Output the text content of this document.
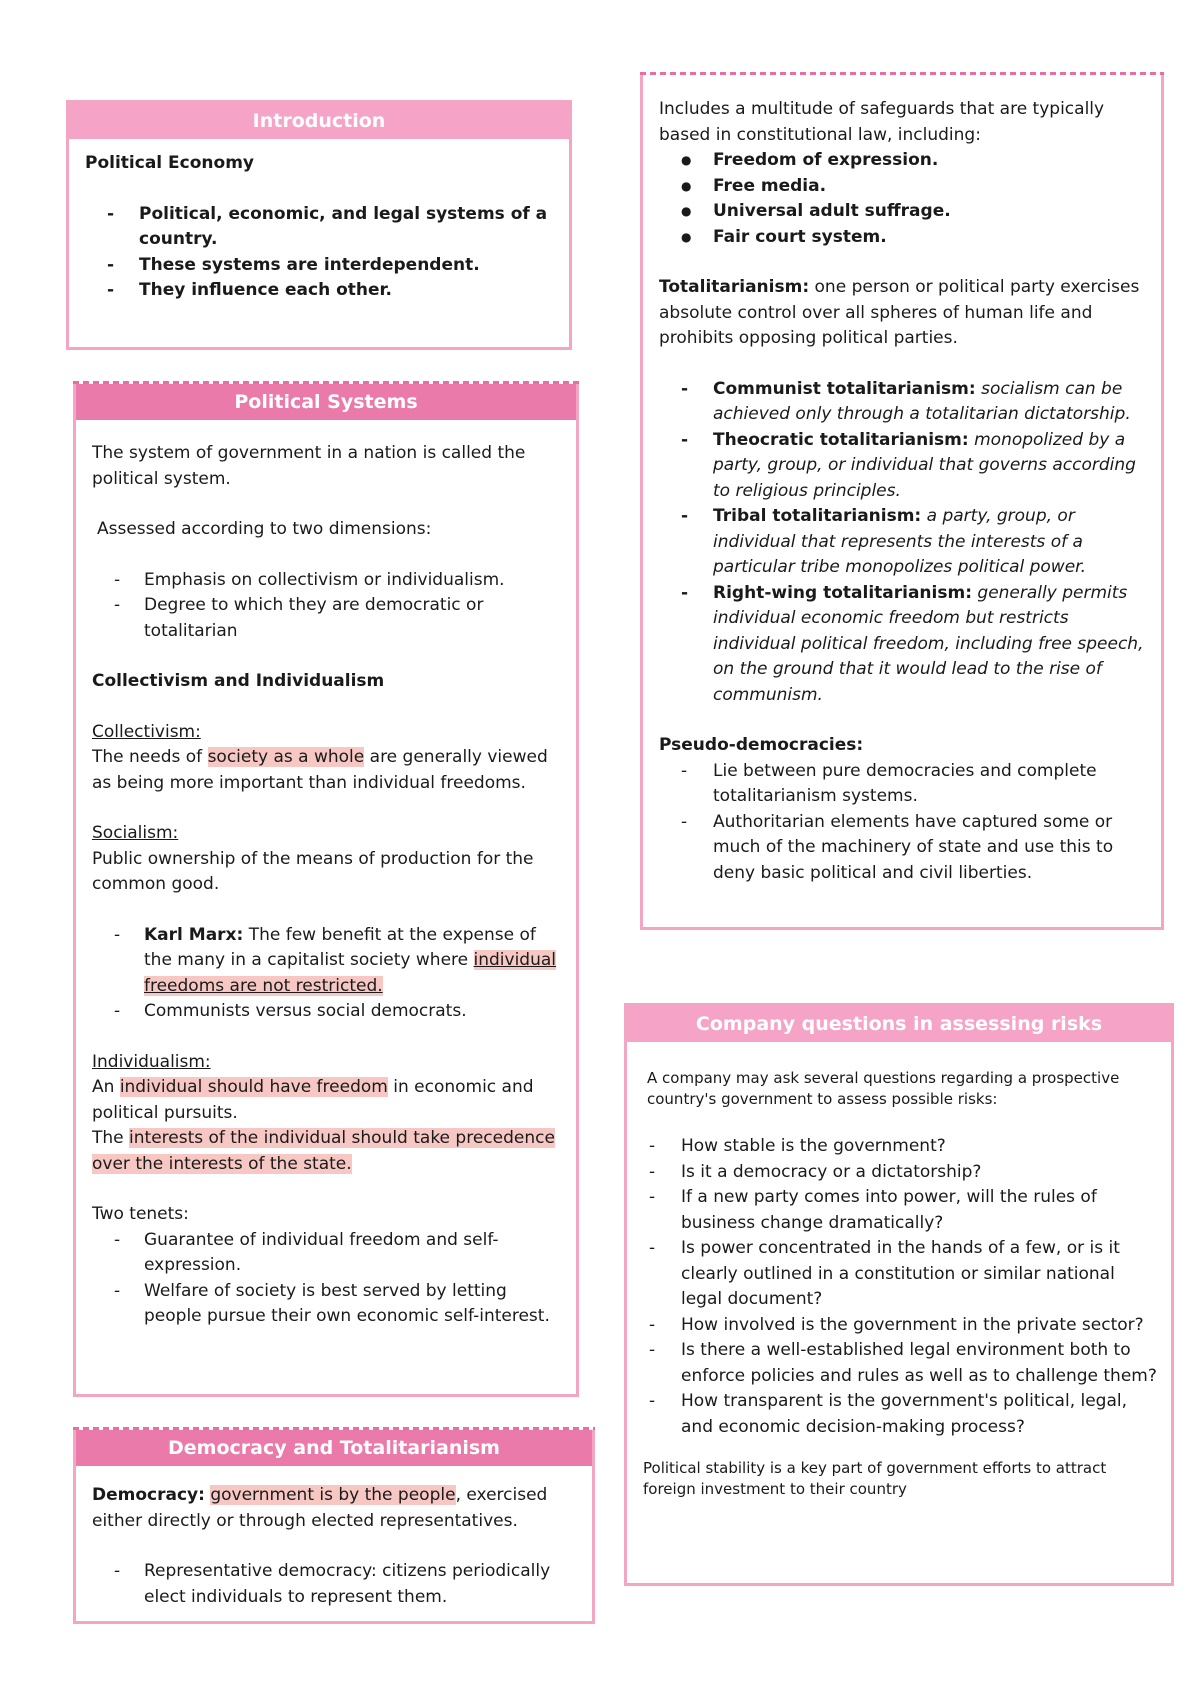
Introduction

Political Economy

- Political, economic, and legal systems of a country.
- These systems are interdependent.
- They influence each other.
Political Systems

The system of government in a nation is called the political system.

Assessed according to two dimensions:

- Emphasis on collectivism or individualism.
- Degree to which they are democratic or totalitarian

Collectivism and Individualism

Collectivism:

The needs of society as a whole are generally viewed as being more important than individual freedoms.

Socialism:

Public ownership of the means of production for the common good.

- Karl Marx: The few benefit at the expense of the many in a capitalist society where individual freedoms are not restricted.
- Communists versus social democrats.

Individualism:

An individual should have freedom in economic and political pursuits.

The interests of the individual should take precedence over the interests of the state.

Two tenets:

- Guarantee of individual freedom and self-expression.
- Welfare of society is best served by letting people pursue their own economic self-interest.
Democracy and Totalitarianism

Democracy: government is by the people, exercised either directly or through elected representatives.

- Representative democracy: citizens periodically elect individuals to represent them.

Includes a multitude of safeguards that are typically based in constitutional law, including:

● Freedom of expression.
● Free media.
● Universal adult suffrage.
● Fair court system.

Totalitarianism: one person or political party exercises absolute control over all spheres of human life and prohibits opposing political parties.

- Communist totalitarianism: socialism can be achieved only through a totalitarian dictatorship.
- Theocratic totalitarianism: monopolized by a party, group, or individual that governs according to religious principles.
- Tribal totalitarianism: a party, group, or individual that represents the interests of a particular tribe monopolizes political power.
- Right-wing totalitarianism: generally permits individual economic freedom but restricts individual political freedom, including free speech, on the ground that it would lead to the rise of communism.

Pseudo-democracies:

- Lie between pure democracies and complete totalitarianism systems.
- Authoritarian elements have captured some or much of the machinery of state and use this to deny basic political and civil liberties.
Company questions in assessing risks

A company may ask several questions regarding a prospective country's government to assess possible risks:

- How stable is the government?
- Is it a democracy or a dictatorship?
- If a new party comes into power, will the rules of business change dramatically?
- Is power concentrated in the hands of a few, or is it clearly outlined in a constitution or similar national legal document?
- How involved is the government in the private sector?
- Is there a well-established legal environment both to enforce policies and rules as well as to challenge them?
- How transparent is the government's political, legal, and economic decision-making process?

Political stability is a key part of government efforts to attract foreign investment to their country
